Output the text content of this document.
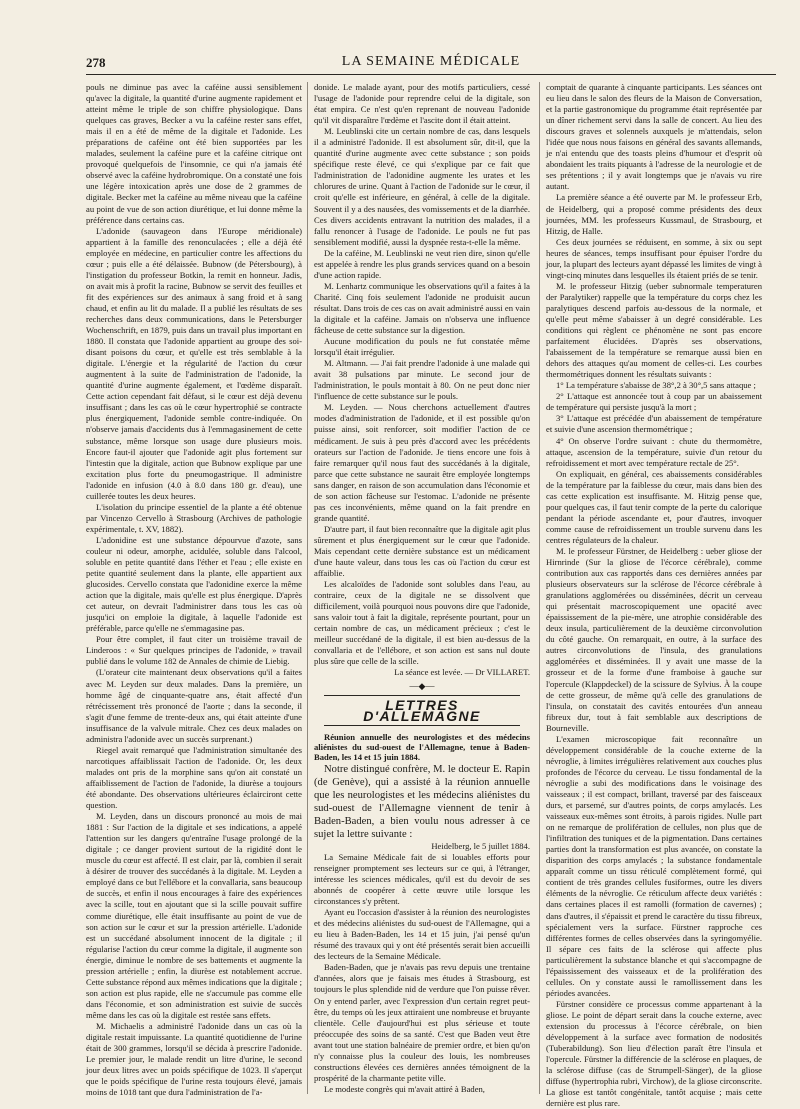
278	LA SEMAINE MÉDICALE

pouls ne diminue pas avec la caféine aussi sensiblement qu'avec la digitale, la quantité d'urine augmente rapidement et atteint même le triple de son chiffre physiologique. Dans quelques cas graves, Becker a vu la caféine rester sans effet, mais il en a été de même de la digitale et l'adonide. Les préparations de caféine ont été bien supportées par les malades, seulement la caféine pure et la caféine citrique ont provoqué quelquefois de l'insomnie, ce qui n'a jamais été observé avec la caféine hydrobromique. On a constaté une fois une légère intoxication après une dose de 2 grammes de digitale. Becker met la caféine au même niveau que la caféine au point de vue de son action diurétique, et lui donne même la préférence dans certains cas.

L'adonide (sauvageon dans l'Europe méridionale) appartient à la famille des renonculacées ; elle a déjà été employée en médecine, en particulier contre les affections du cœur ; puis elle a été délaissée. Bubnow (de Pétersbourg), à l'instigation du professeur Botkin, la remit en honneur. Jadis, on avait mis à profit la racine, Bubnow se servit des feuilles et fit des expériences sur des animaux à sang froid et à sang chaud, et enfin au lit du malade. Il a publié les résultats de ses recherches dans deux communications, dans le Petersburger Wochenschrift, en 1879, puis dans un travail plus important en 1880. Il constata que l'adonide appartient au groupe des soi-disant poisons du cœur, et qu'elle est très semblable à la digitale. L'énergie et la régularité de l'action du cœur augmentent à la suite de l'administration de l'adonide, la quantité d'urine augmente également, et l'œdème disparaît. Cette action cependant fait défaut, si le cœur est déjà devenu insuffisant ; dans les cas où le cœur hypertrophié se contracte plus énergiquement, l'adonide semble contre-indiquée. On n'observe jamais d'accidents dus à l'emmagasinement de cette substance, même lorsque son usage dure plusieurs mois. Encore faut-il ajouter que l'adonide agit plus fortement sur l'intestin que la digitale, action que Bubnow explique par une excitation plus forte du pneumogastrique. Il administre l'adonide en infusion (4.0 à 8.0 dans 180 gr. d'eau), une cuillerée toutes les deux heures.

L'isolation du principe essentiel de la plante a été obtenue par Vincenzo Cervello à Strasbourg (Archives de pathologie expérimentale, t. XV, 1882).

L'adonidine est une substance dépourvue d'azote, sans couleur ni odeur, amorphe, acidulée, soluble dans l'alcool, soluble en petite quantité dans l'éther et l'eau ; elle existe en petite quantité seulement dans la plante, elle appartient aux glucosides. Cervello constata que l'adonidine exerce la même action que la digitale, mais qu'elle est plus énergique. D'après cet auteur, on devrait l'administrer dans tous les cas où jusqu'ici on emploie la digitale, à laquelle l'adonide est préférable, parce qu'elle ne s'emmagasine pas.

Pour être complet, il faut citer un troisième travail de Linderoos : « Sur quelques principes de l'adonide, » travail publié dans le volume 182 de Annales de chimie de Liebig.

(L'orateur cite maintenant deux observations qu'il a faites avec M. Leyden sur deux malades. Dans la première, un homme âgé de cinquante-quatre ans, était affecté d'un rétrécissement très prononcé de l'aorte ; dans la seconde, il s'agit d'une femme de trente-deux ans, qui était atteinte d'une insuffisance de la valvule mitrale. Chez ces deux malades on administra l'adonide avec un succès surprenant.)

Riegel avait remarqué que l'administration simultanée des narcotiques affaiblissait l'action de l'adonide. Or, les deux malades ont pris de la morphine sans qu'on ait constaté un affaiblissement de l'action de l'adonide, la diurèse a toujours été abondante. Des observations ultérieures éclairciront cette question.

M. Leyden, dans un discours prononcé au mois de mai 1881 : Sur l'action de la digitale et ses indications, a appelé l'attention sur les dangers qu'entraîne l'usage prolongé de la digitale ; ce danger provient surtout de la rigidité dont le muscle du cœur est affecté. Il est clair, par là, combien il serait à désirer de trouver des succédanés à la digitale. M. Leyden a employé dans ce but l'ellébore et la convallaria, sans beaucoup de succès, et enfin il nous encourages à faire des expériences avec la scille, tout en ajoutant que si la scille pouvait suffire comme diurétique, elle était insuffisante au point de vue de son action sur le cœur et sur la pression artérielle. L'adonide est un succédané absolument innocent de la digitale ; il régularise l'action du cœur comme la digitale, il augmente son énergie, diminue le nombre de ses battements et augmente la pression artérielle ; enfin, la diurèse est notablement accrue. Cette substance répond aux mêmes indications que la digitale ; son action est plus rapide, elle ne s'accumule pas comme elle dans l'économie, et son administration est suivie de succès même dans les cas où la digitale est restée sans effets.

M. Michaelis a administré l'adonide dans un cas où la digitale restait impuissante. La quantité quotidienne de l'urine était de 300 grammes, lorsqu'il se décida à prescrire l'adonide. Le premier jour, le malade rendit un litre d'urine, le second jour deux litres avec un poids spécifique de 1023. Il s'aperçut que le poids spécifique de l'urine resta toujours élevé, jamais moins de 1018 tant que dura l'administration de l'a-

donide. Le malade ayant, pour des motifs particuliers, cessé l'usage de l'adonide pour reprendre celui de la digitale, son état empira. Ce n'est qu'en reprenant de nouveau l'adonide qu'il vit disparaître l'œdème et l'ascite dont il était atteint.

M. Leublinski cite un certain nombre de cas, dans lesquels il a administré l'adonide. Il est absolument sûr, dit-il, que la quantité d'urine augmente avec cette substance ; son poids spécifique reste élevé, ce qui s'explique par ce fait que l'administration de l'adonidine augmente les urates et les chlorures de urine. Quant à l'action de l'adonide sur le cœur, il croit qu'elle est inférieure, en général, à celle de la digitale. Souvent il y a des nausées, des vomissements et de la diarrhée. Ces divers accidents entravant la nutrition des malades, il a fallu renoncer à l'usage de l'adonide. Le pouls ne fut pas sensiblement modifié, aussi la dyspnée resta-t-elle la même.

De la caféine, M. Leublinski ne veut rien dire, sinon qu'elle est appelée à rendre les plus grands services quand on a besoin d'une action rapide.

M. Lenhartz communique les observations qu'il a faites à la Charité. Cinq fois seulement l'adonide ne produisit aucun résultat. Dans trois de ces cas on avait administré aussi en vain la digitale et la caféine. Jamais on n'observa une influence fâcheuse de cette substance sur la digestion.

Aucune modification du pouls ne fut constatée même lorsqu'il était irrégulier.

M. Altmann. — J'ai fait prendre l'adonide à une malade qui avait 38 pulsations par minute. Le second jour de l'administration, le pouls montait à 80. On ne peut donc nier l'influence de cette substance sur le pouls.

M. Leyden. — Nous cherchons actuellement d'autres modes d'administration de l'adonide, et il est possible qu'on puisse ainsi, soit renforcer, soit modifier l'action de ce médicament. Je suis à peu près d'accord avec les précédents orateurs sur l'action de l'adonide. Je tiens encore une fois à faire remarquer qu'il nous faut des succédanés à la digitale, parce que cette substance ne saurait être employée longtemps sans danger, en raison de son accumulation dans l'économie et de son action fâcheuse sur l'estomac. L'adonide ne présente pas ces inconvénients, même quand on la fait prendre en grande quantité.

D'autre part, il faut bien reconnaître que la digitale agit plus sûrement et plus énergiquement sur le cœur que l'adonide. Mais cependant cette dernière substance est un médicament d'une haute valeur, dans tous les cas où l'action du cœur est affaiblie.

Les alcaloïdes de l'adonide sont solubles dans l'eau, au contraire, ceux de la digitale ne se dissolvent que difficilement, voilà pourquoi nous pouvons dire que l'adonide, sans valoir tout à fait la digitale, représente pourtant, pour un certain nombre de cas, un médicament précieux ; c'est le meilleur succédané de la digitale, il est bien au-dessus de la convallaria et de l'ellébore, et son action est sans nul doute plus sûre que celle de la scille.

La séance est levée. — Dr VILLARET.

—◆—
LETTRES D'ALLEMAGNE

Réunion annuelle des neurologistes et des médecins aliénistes du sud-ouest de l'Allemagne, tenue à Baden-Baden, les 14 et 15 juin 1884.

Notre distingué confrère, M. le docteur E. Rapin (de Genève), qui a assisté à la réunion annuelle que les neurologistes et les médecins aliénistes du sud-ouest de l'Allemagne viennent de tenir à Baden-Baden, a bien voulu nous adresser à ce sujet la lettre suivante :

Heidelberg, le 5 juillet 1884.

La Semaine Médicale fait de si louables efforts pour renseigner promptement ses lecteurs sur ce qui, à l'étranger, intéresse les sciences médicales, qu'il est du devoir de ses abonnés de coopérer à cette œuvre utile lorsque les circonstances s'y prêtent.

Ayant eu l'occasion d'assister à la réunion des neurologistes et des médecins aliénistes du sud-ouest de l'Allemagne, qui a eu lieu à Baden-Baden, les 14 et 15 juin, j'ai pensé qu'un résumé des travaux qui y ont été présentés serait bien accueilli des lecteurs de la Semaine Médicale.

Baden-Baden, que je n'avais pas revu depuis une trentaine d'années, alors que je faisais mes études à Strasbourg, est toujours le plus splendide nid de verdure que l'on puisse rêver. On y entend parler, avec l'expression d'un certain regret peut-être, du temps où les jeux attiraient une nombreuse et bruyante clientèle. Celle d'aujourd'hui est plus sérieuse et toute préoccupée des soins de sa santé. C'est que Baden veut être avant tout une station balnéaire de premier ordre, et bien qu'on n'y connaisse plus la couleur des louis, les nombreuses constructions élevées ces dernières années témoignent de la prospérité de la charmante petite ville.

Le modeste congrès qui m'avait attiré à Baden,

comptait de quarante à cinquante participants. Les séances ont eu lieu dans le salon des fleurs de la Maison de Conversation, et la partie gastronomique du programme était représentée par un dîner richement servi dans la salle de concert. Au lieu des discours graves et solennels auxquels je m'attendais, selon l'idée que nous nous faisons en général des savants allemands, je n'ai entendu que des toasts pleins d'humour et d'esprit où abondaient les traits piquants à l'adresse de la neurologie et de ses prétentions ; il y avait longtemps que je n'avais vu rire autant.

La première séance a été ouverte par M. le professeur Erb, de Heidelberg, qui a proposé comme présidents des deux journées, MM. les professeurs Kussmaul, de Strasbourg, et Hitzig, de Halle.

Ces deux journées se réduisent, en somme, à six ou sept heures de séances, temps insuffisant pour épuiser l'ordre du jour, la plupart des lecteurs ayant dépassé les limites de vingt à vingt-cinq minutes dans lesquelles ils étaient priés de se tenir.

M. le professeur Hitzig (ueber subnormale temperaturen der Paralytiker) rappelle que la température du corps chez les paralytiques descend parfois au-dessous de la normale, et qu'elle peut même s'abaisser à un degré considérable. Les conditions qui règlent ce phénomène ne sont pas encore parfaitement élucidées. D'après ses observations, l'abaissement de la température se remarque aussi bien en dehors des attaques qu'au moment de celles-ci. Les courbes thermométriques donnent les résultats suivants :

1° La température s'abaisse de 38°,2 à 30°,5 sans attaque ;

2° L'attaque est annoncée tout à coup par un abaissement de température qui persiste jusqu'à la mort ;

3° L'attaque est précédée d'un abaissement de température et suivie d'une ascension thermométrique ;

4° On observe l'ordre suivant : chute du thermomètre, attaque, ascension de la température, suivie d'un retour du refroidissement et mort avec température rectale de 25°.

On expliquait, en général, ces abaissements considérables de la température par la faiblesse du cœur, mais dans bien des cas cette explication est insuffisante. M. Hitzig pense que, pour quelques cas, il faut tenir compte de la perte du calorique pendant la période ascendante et, pour d'autres, invoquer comme cause de refroidissement un trouble survenu dans les centres régulateurs de la chaleur.

M. le professeur Fürstner, de Heidelberg : ueber gliose der Hirnrinde (Sur la gliose de l'écorce cérébrale), comme contribution aux cas rapportés dans ces dernières années par plusieurs observateurs sur la sclérose de l'écorce cérébrale à granulations agglomérées ou disséminées, décrit un cerveau qui présentait macroscopiquement une opacité avec épaississement de la pie-mère, une atrophie considérable des deux insula, particulièrement de la deuxième circonvolution du côté gauche. On remarquait, en outre, à la surface des autres circonvolutions de l'insula, des granulations agglomérées et disséminées. Il y avait une masse de la grosseur et de la forme d'une framboise à gauche sur l'opercule (Klappdeckel) de la scissure de Sylvius. À la coupe de cette grosseur, de même qu'à celle des granulations de l'insula, on constatait des cavités entourées d'un anneau fibreux dur, tout à fait semblable aux descriptions de Bourneville.

L'examen microscopique fait reconnaître un développement considérable de la couche externe de la névroglie, à limites irrégulières relativement aux couches plus profondes de l'écorce du cerveau. Le tissu fondamental de la névroglie a subi des modifications dans le voisinage des vaisseaux ; il est compact, brillant, traversé par des faisceaux durs, et parsemé, sur d'autres points, de corps amylacés. Les vaisseaux eux-mêmes sont étroits, à parois rigides. Nulle part on ne remarque de prolifération de cellules, non plus que de l'infiltration des tuniques et de la pigmentation. Dans certaines parties dont la transformation est plus avancée, on constate la disparition des corps amylacés ; la substance fondamentale apparaît comme un tissu réticulé complètement formé, qui contient de très grandes cellules fusiformes, outre les divers éléments de la névroglie. Ce réticulum affecte deux variétés : dans certaines places il est ramolli (formation de cavernes) ; dans d'autres, il s'épaissit et prend le caractère du tissu fibreux, spécialement vers la surface. Fürstner rapproche ces différentes formes de celles observées dans la syringomyélie. Il sépare ces faits de la sclérose qui affecte plus particulièrement la substance blanche et qui s'accompagne de l'épaississement des vaisseaux et de la prolifération des cellules. On y constate aussi le ramollissement dans les périodes avancées.

Fürstner considère ce processus comme appartenant à la gliose. Le point de départ serait dans la couche externe, avec extension du processus à l'écorce cérébrale, on bien développement à la surface avec formation de nodosités (Tuberabildung). Son lieu d'élection paraît être l'insula et l'opercule. Fürstner la différencie de la sclérose en plaques, de la sclérose diffuse (cas de Strumpell-Sänger), de la gliose diffuse (hypertrophia rubri, Virchow), de la gliose circonscrite. La gliose est tantôt congénitale, tantôt acquise ; mais cette dernière est plus rare.
